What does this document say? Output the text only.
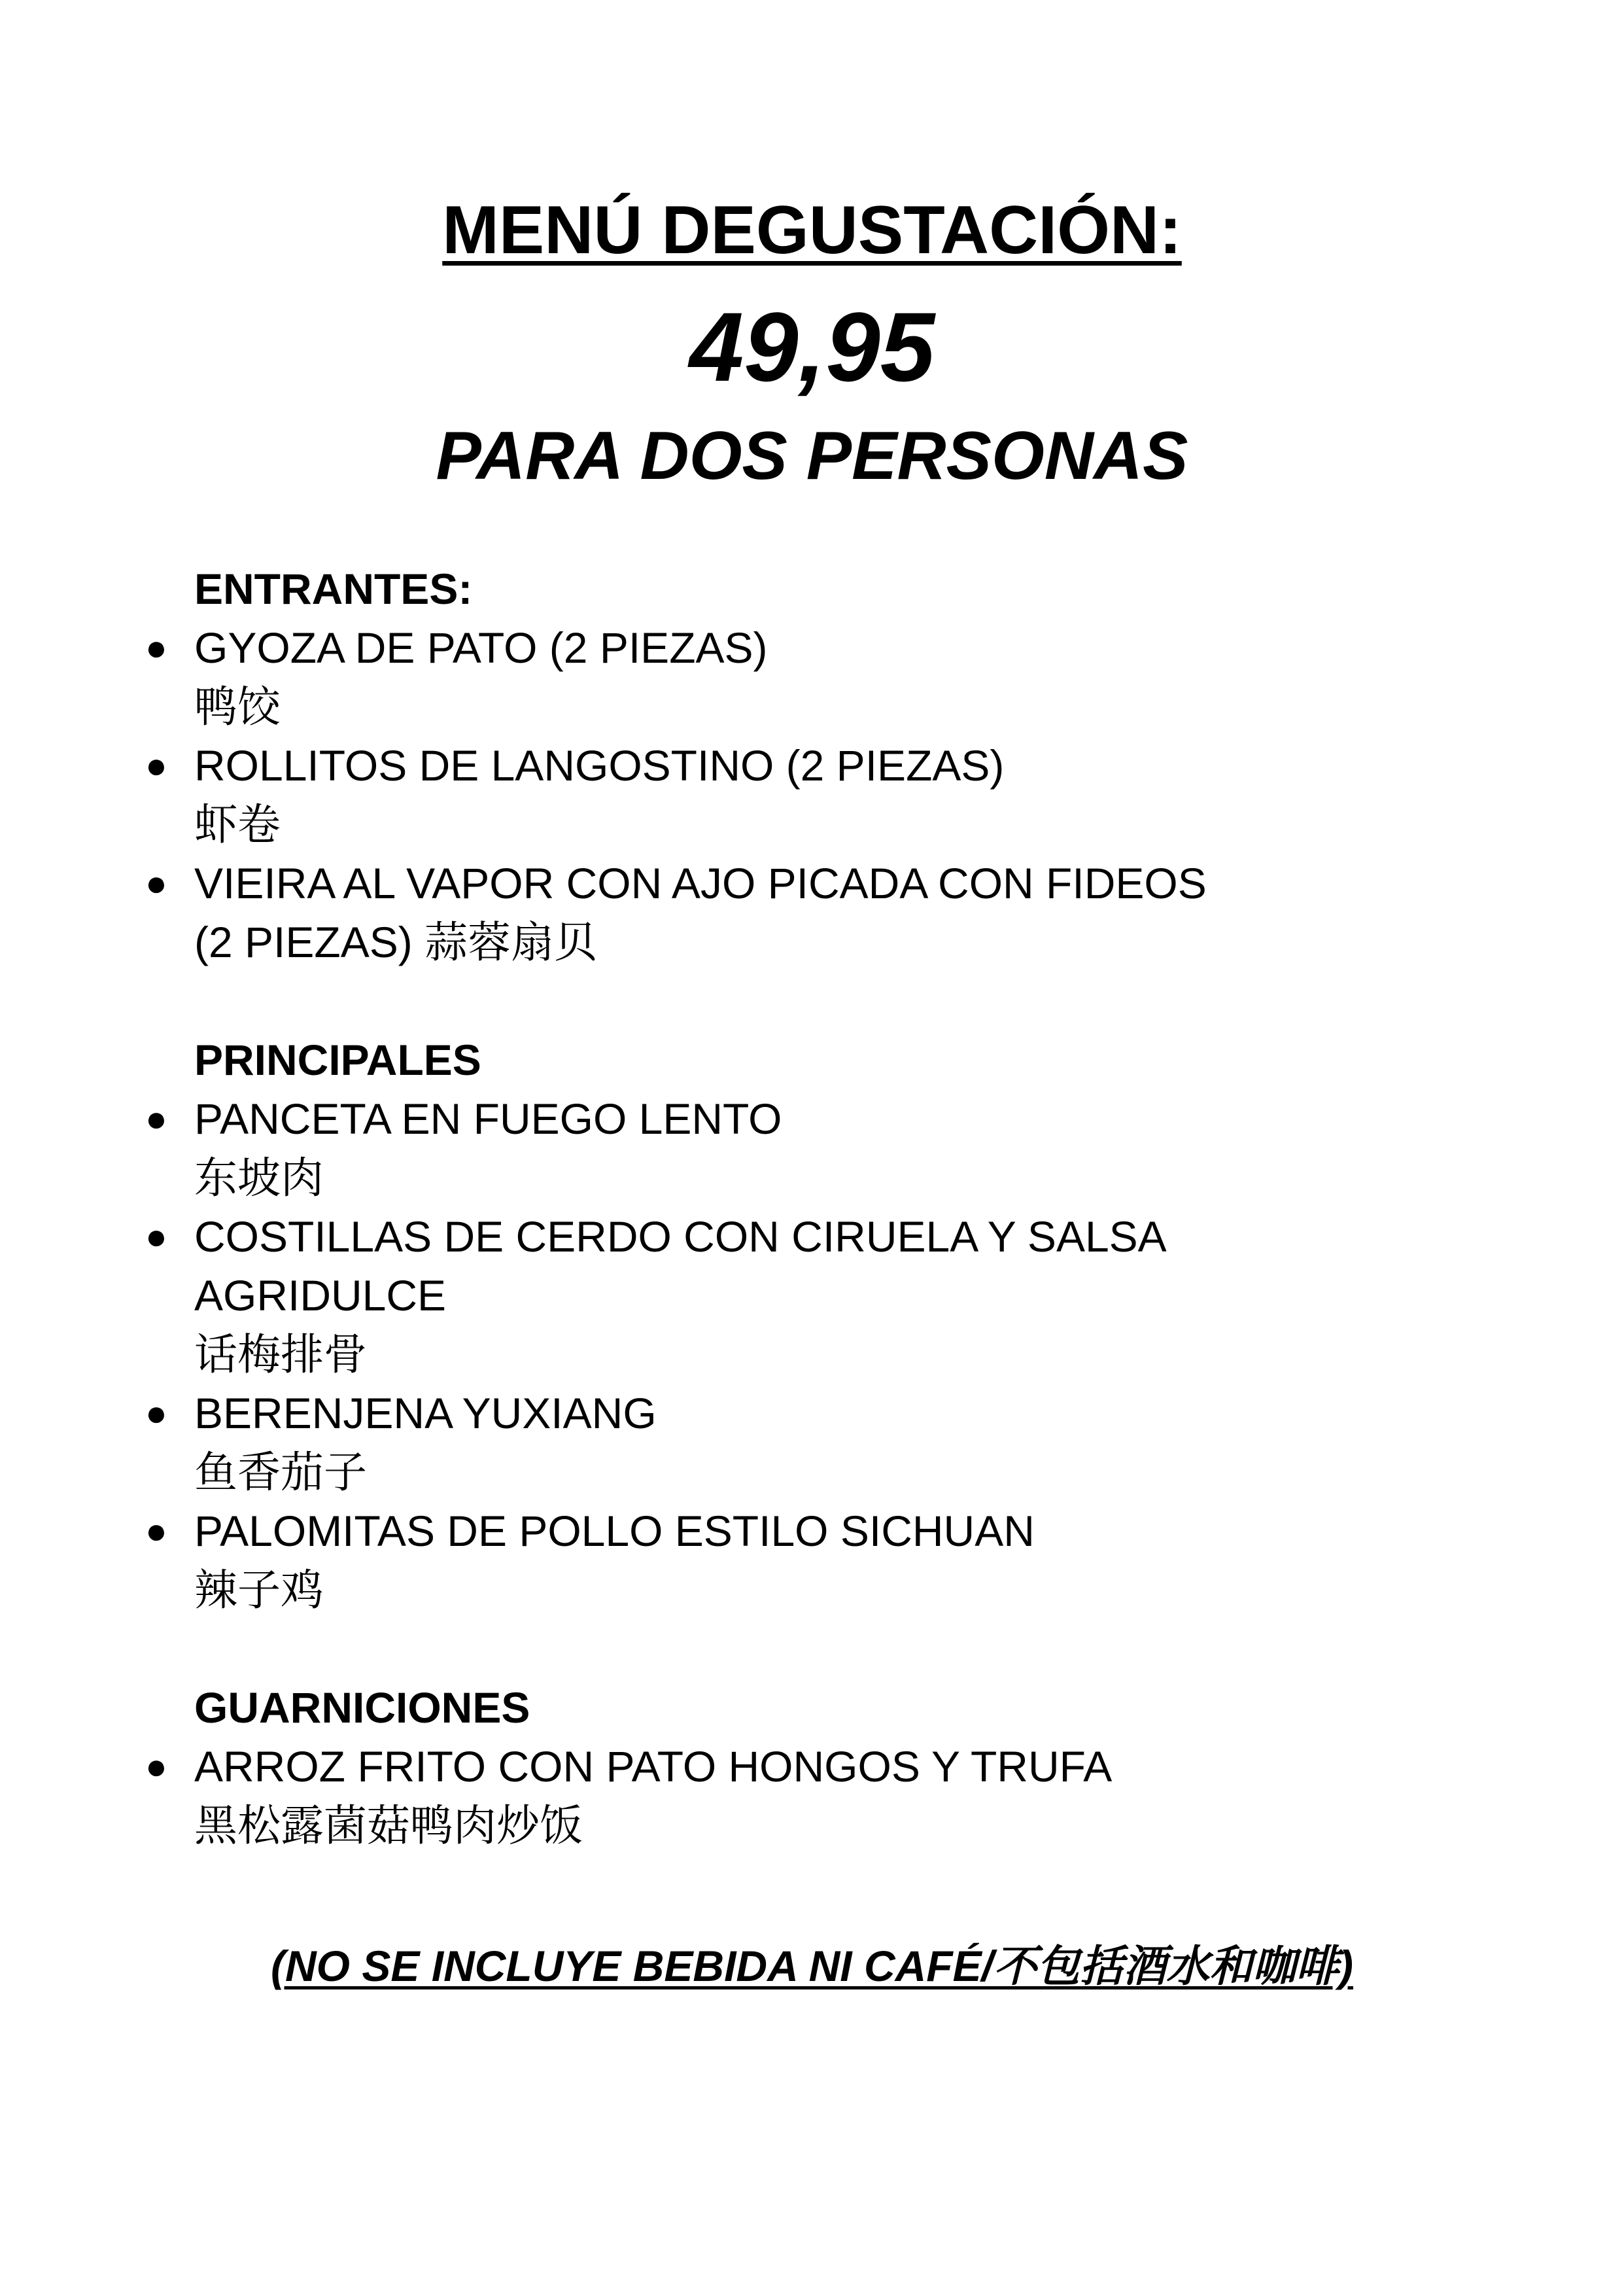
MENÚ DEGUSTACIÓN:
49,95
PARA DOS PERSONAS
ENTRANTES:
● GYOZA DE PATO (2 PIEZAS)
鸭饺
● ROLLITOS DE LANGOSTINO (2 PIEZAS)
虾卷
● VIEIRA AL VAPOR CON AJO PICADA CON FIDEOS
(2 PIEZAS) 蒜蓉扇贝
PRINCIPALES
● PANCETA EN FUEGO LENTO
东坡肉
● COSTILLAS DE CERDO CON CIRUELA Y SALSA
AGRIDULCE
话梅排骨
● BERENJENA YUXIANG
鱼香茄子
● PALOMITAS DE POLLO ESTILO SICHUAN
辣子鸡
GUARNICIONES
● ARROZ FRITO CON PATO HONGOS Y TRUFA
黑松露菌菇鸭肉炒饭
(NO SE INCLUYE BEBIDA NI CAFÉ/不包括酒水和咖啡)
